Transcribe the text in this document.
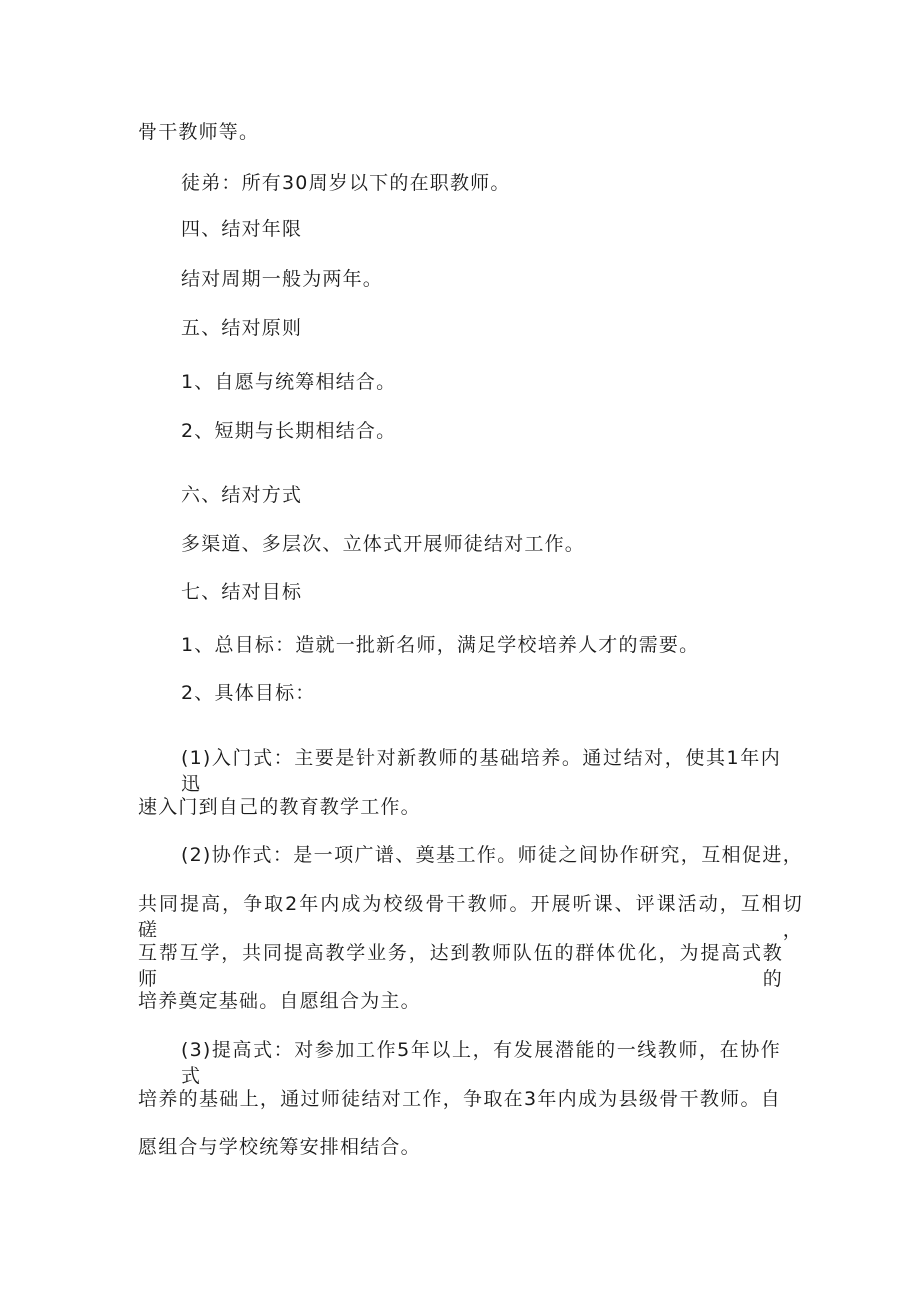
骨干教师等。
徒弟：所有30周岁以下的在职教师。
四、结对年限
结对周期一般为两年。
五、结对原则
1、自愿与统筹相结合。
2、短期与长期相结合。
六、结对方式
多渠道、多层次、立体式开展师徒结对工作。
七、结对目标
1、总目标：造就一批新名师，满足学校培养人才的需要。
2、具体目标：
(1)入门式：主要是针对新教师的基础培养。通过结对，使其1年内迅
速入门到自己的教育教学工作。
(2)协作式：是一项广谱、奠基工作。师徒之间协作研究，互相促进，
共同提高，争取2年内成为校级骨干教师。开展听课、评课活动，互相切磋，
互帮互学，共同提高教学业务，达到教师队伍的群体优化，为提高式教师的
培养奠定基础。自愿组合为主。
(3)提高式：对参加工作5年以上，有发展潜能的一线教师，在协作式
培养的基础上，通过师徒结对工作，争取在3年内成为县级骨干教师。自
愿组合与学校统筹安排相结合。
